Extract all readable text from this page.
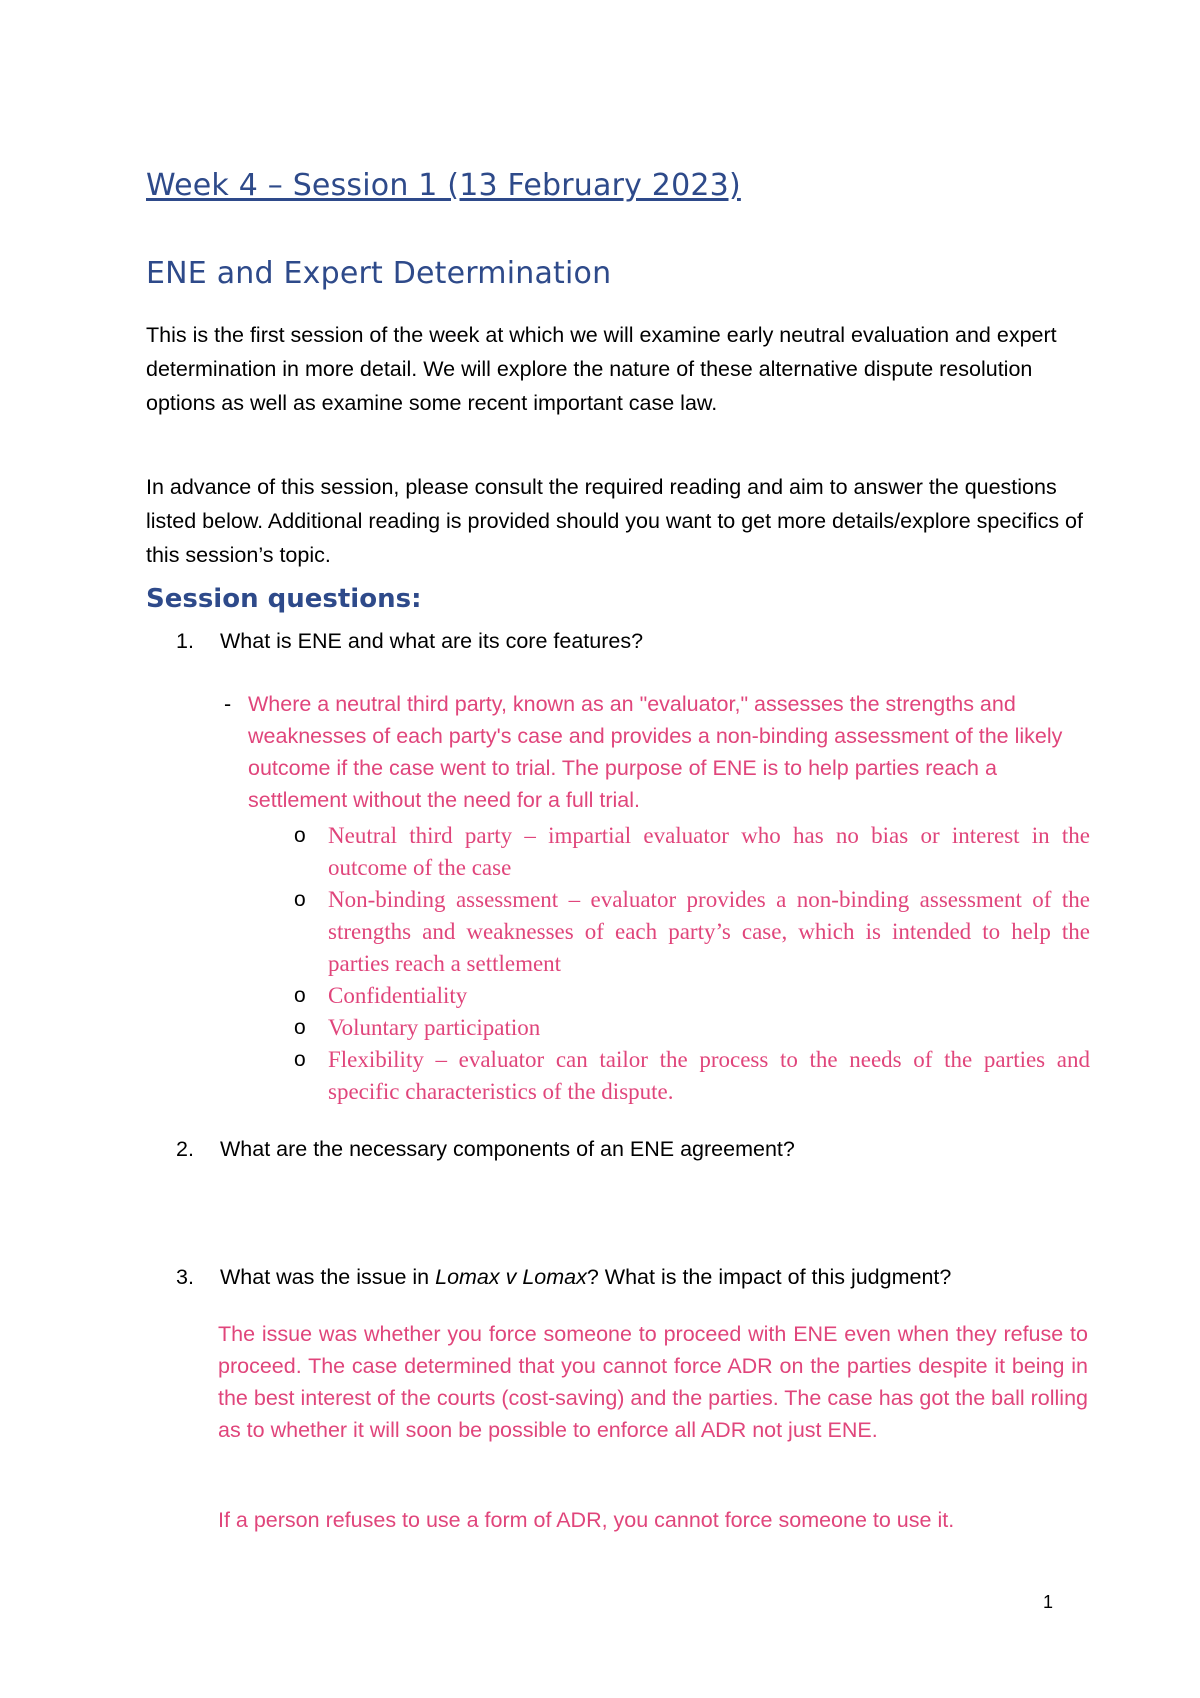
Week 4 – Session 1 (13 February 2023)
ENE and Expert Determination
This is the first session of the week at which we will examine early neutral evaluation and expert determination in more detail. We will explore the nature of these alternative dispute resolution options as well as examine some recent important case law.
In advance of this session, please consult the required reading and aim to answer the questions listed below. Additional reading is provided should you want to get more details/explore specifics of this session’s topic.
Session questions:
1. What is ENE and what are its core features?
- Where a neutral third party, known as an "evaluator," assesses the strengths and weaknesses of each party's case and provides a non-binding assessment of the likely outcome if the case went to trial. The purpose of ENE is to help parties reach a settlement without the need for a full trial.
o Neutral third party – impartial evaluator who has no bias or interest in the outcome of the case
o Non-binding assessment – evaluator provides a non-binding assessment of the strengths and weaknesses of each party’s case, which is intended to help the parties reach a settlement
o Confidentiality
o Voluntary participation
o Flexibility – evaluator can tailor the process to the needs of the parties and specific characteristics of the dispute.
2. What are the necessary components of an ENE agreement?
3. What was the issue in Lomax v Lomax? What is the impact of this judgment?
The issue was whether you force someone to proceed with ENE even when they refuse to proceed. The case determined that you cannot force ADR on the parties despite it being in the best interest of the courts (cost-saving) and the parties. The case has got the ball rolling as to whether it will soon be possible to enforce all ADR not just ENE.
If a person refuses to use a form of ADR, you cannot force someone to use it.
1
